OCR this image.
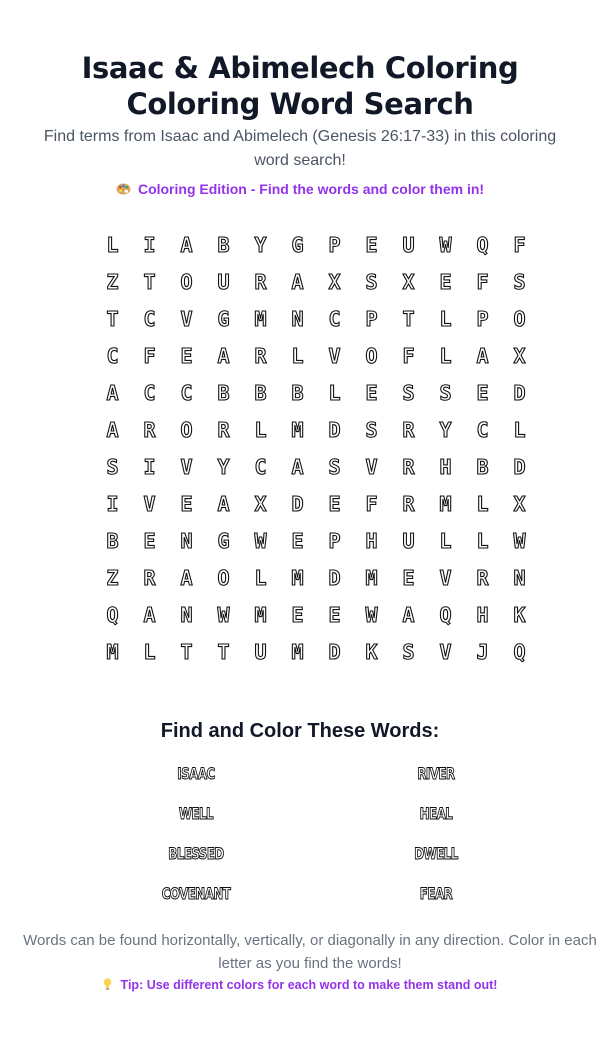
Isaac & Abimelech Coloring Coloring Word Search

Find terms from Isaac and Abimelech (Genesis 26:17-33) in this coloring word search!

Coloring Edition - Find the words and color them in!
L	I	A	B	Y	G	P	E	U	W	Q	F
Z	T	O	U	R	A	X	S	X	E	F	S
T	C	V	G	M	N	C	P	T	L	P	O
C	F	E	A	R	L	V	O	F	L	A	X
A	C	C	B	B	B	L	E	S	S	E	D
A	R	O	R	L	M	D	S	R	Y	C	L
S	I	V	Y	C	A	S	V	R	H	B	D
I	V	E	A	X	D	E	F	R	M	L	X
B	E	N	G	W	E	P	H	U	L	L	W
Z	R	A	O	L	M	D	M	E	V	R	N
Q	A	N	W	M	E	E	W	A	Q	H	K
M	L	T	T	U	M	D	K	S	V	J	Q
Find and Color These Words:
ISAAC	RIVER
WELL	HEAL
BLESSED	DWELL
COVENANT	FEAR

Words can be found horizontally, vertically, or diagonally in any direction. Color in each letter as you find the words!

Tip: Use different colors for each word to make them stand out!
